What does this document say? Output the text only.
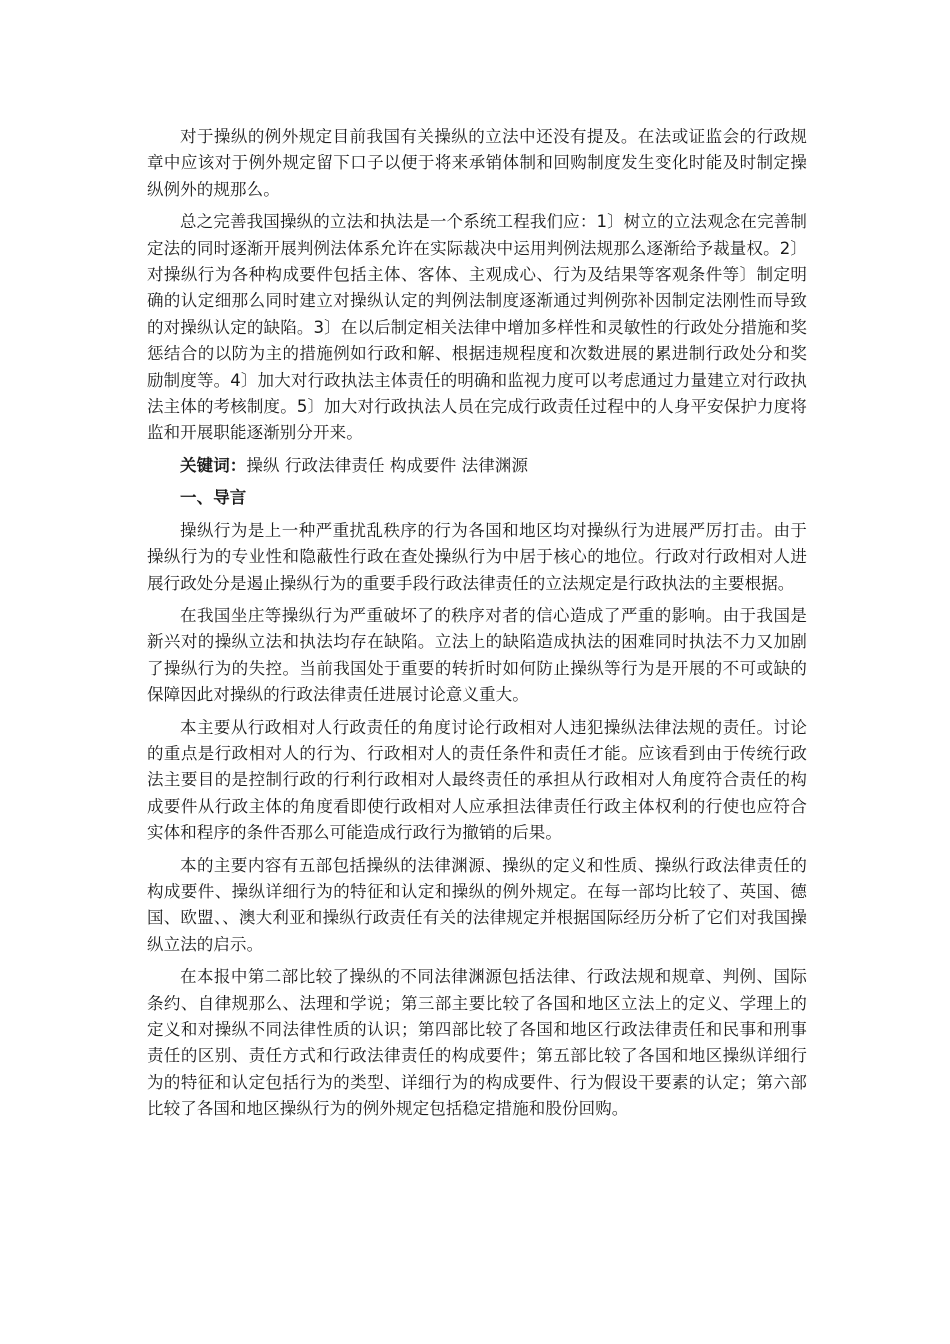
对于操纵的例外规定目前我国有关操纵的立法中还没有提及。在法或证监会的行政规章中应该对于例外规定留下口子以便于将来承销体制和回购制度发生变化时能及时制定操纵例外的规那么。

总之完善我国操纵的立法和执法是一个系统工程我们应：1〕树立的立法观念在完善制定法的同时逐渐开展判例法体系允许在实际裁决中运用判例法规那么逐渐给予裁量权。2〕对操纵行为各种构成要件包括主体、客体、主观成心、行为及结果等客观条件等〕制定明确的认定细那么同时建立对操纵认定的判例法制度逐渐通过判例弥补因制定法刚性而导致的对操纵认定的缺陷。3〕在以后制定相关法律中增加多样性和灵敏性的行政处分措施和奖惩结合的以防为主的措施例如行政和解、根据违规程度和次数进展的累进制行政处分和奖励制度等。4〕加大对行政执法主体责任的明确和监视力度可以考虑通过力量建立对行政执法主体的考核制度。5〕加大对行政执法人员在完成行政责任过程中的人身平安保护力度将监和开展职能逐渐别分开来。

关键词：操纵 行政法律责任 构成要件 法律渊源
一、导言

操纵行为是上一种严重扰乱秩序的行为各国和地区均对操纵行为进展严厉打击。由于操纵行为的专业性和隐蔽性行政在查处操纵行为中居于核心的地位。行政对行政相对人进展行政处分是遏止操纵行为的重要手段行政法律责任的立法规定是行政执法的主要根据。

在我国坐庄等操纵行为严重破坏了的秩序对者的信心造成了严重的影响。由于我国是新兴对的操纵立法和执法均存在缺陷。立法上的缺陷造成执法的困难同时执法不力又加剧了操纵行为的失控。当前我国处于重要的转折时如何防止操纵等行为是开展的不可或缺的保障因此对操纵的行政法律责任进展讨论意义重大。

本主要从行政相对人行政责任的角度讨论行政相对人违犯操纵法律法规的责任。讨论的重点是行政相对人的行为、行政相对人的责任条件和责任才能。应该看到由于传统行政法主要目的是控制行政的行利行政相对人最终责任的承担从行政相对人角度符合责任的构成要件从行政主体的角度看即使行政相对人应承担法律责任行政主体权利的行使也应符合实体和程序的条件否那么可能造成行政行为撤销的后果。

本的主要内容有五部包括操纵的法律渊源、操纵的定义和性质、操纵行政法律责任的构成要件、操纵详细行为的特征和认定和操纵的例外规定。在每一部均比较了、英国、德国、欧盟、、澳大利亚和操纵行政责任有关的法律规定并根据国际经历分析了它们对我国操纵立法的启示。

在本报中第二部比较了操纵的不同法律渊源包括法律、行政法规和规章、判例、国际条约、自律规那么、法理和学说；第三部主要比较了各国和地区立法上的定义、学理上的定义和对操纵不同法律性质的认识；第四部比较了各国和地区行政法律责任和民事和刑事责任的区别、责任方式和行政法律责任的构成要件；第五部比较了各国和地区操纵详细行为的特征和认定包括行为的类型、详细行为的构成要件、行为假设干要素的认定；第六部比较了各国和地区操纵行为的例外规定包括稳定措施和股份回购。
